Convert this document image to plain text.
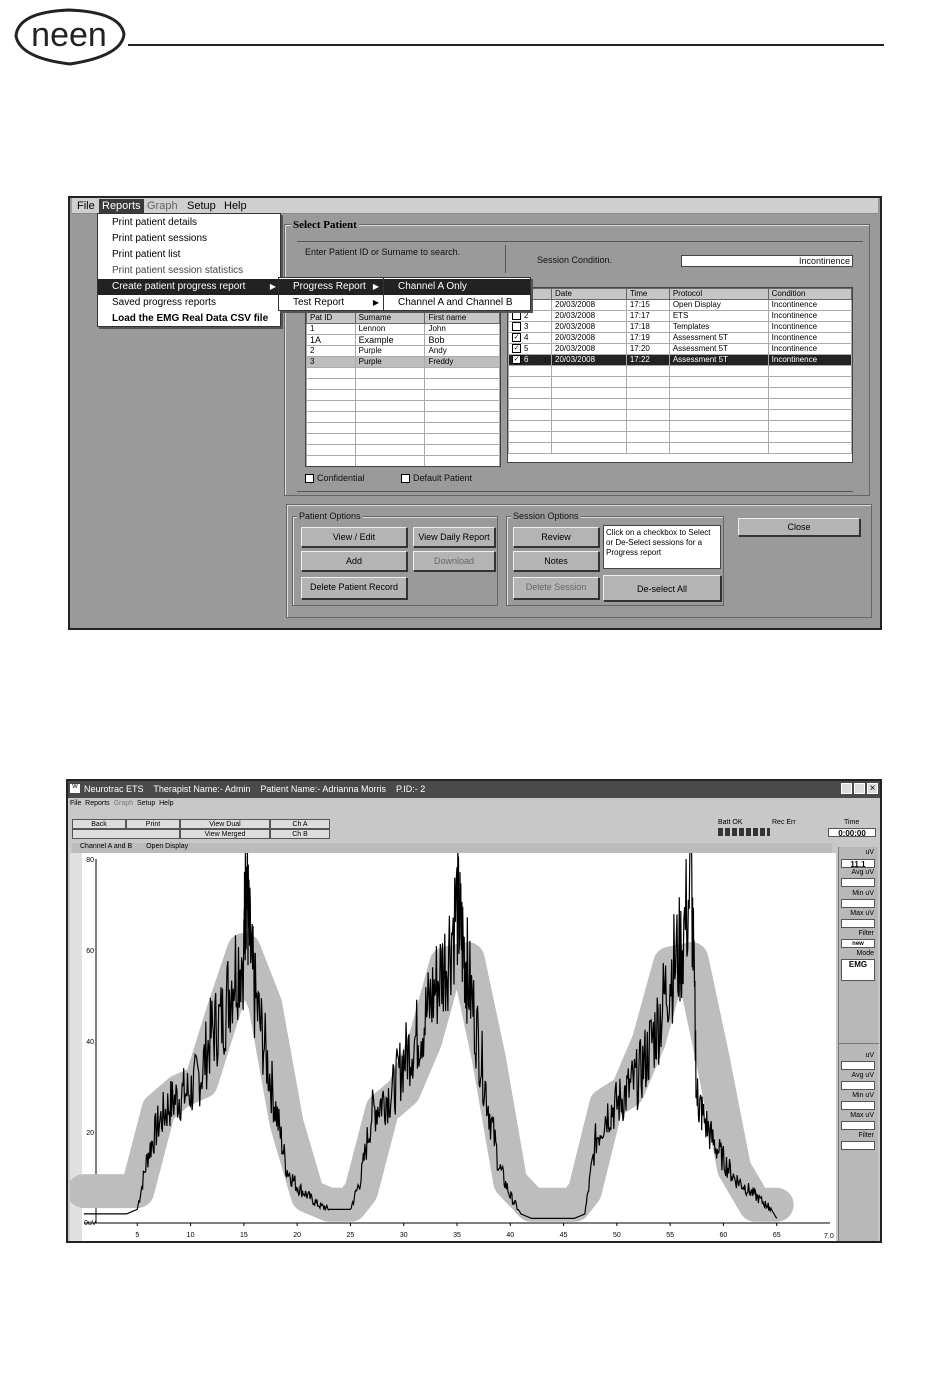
neen
File Reports Graph Setup Help
Select Patient
Enter Patient ID or Surname to search.
Session Condition.	Incontinence
Pat ID	Surname	First name
1	Lennon	John
1A	Example	Bob
2	Purple	Andy
3	Purple	Freddy

	Date	Time	Protocol	Condition
	20/03/2008	17:15	Open Display	Incontinence
2	20/03/2008	17:17	ETS	Incontinence
3	20/03/2008	17:18	Templates	Incontinence
✓ 4	20/03/2008	17:19	Assessment 5T	Incontinence
✓ 5	20/03/2008	17:20	Assessment 5T	Incontinence
✓ 6	20/03/2008	17:22	Assessment 5T	Incontinence

Confidential	Default Patient
Patient Options
View / Edit	View Daily Report
Add	Download
Delete Patient Record
Session Options
Review
Notes
Click on a checkbox to Select or De-Select sessions for a Progress report
Delete Session	De-select All
Close
Print patient details
Print patient sessions
Print patient list
Print patient session statistics
Create patient progress report	▶
Saved progress reports
Load the EMG Real Data CSV file
Progress Report ▶
Test Report	▶
Channel A Only
Channel A and Channel B
W Neurotrac ETS    Therapist Name:- Admin    Patient Name:- Adrianna Morris    P.ID:- 2	×
File Reports Graph Setup Help
Back	Print	View Dual
View Merged
Ch A
Ch B
Batt OK	Rec Err	Time
0:00:00
Channel A and B Open Display
5	10	15	20	25	30	35	40	45	50	55	60	65
20
40
60
80
0uV
7.0
uV
11.1
Avg uV
Min uV
Max uV
Filter
new
Mode
EMG
uV
Avg uV
Min uV
Max uV
Filter
